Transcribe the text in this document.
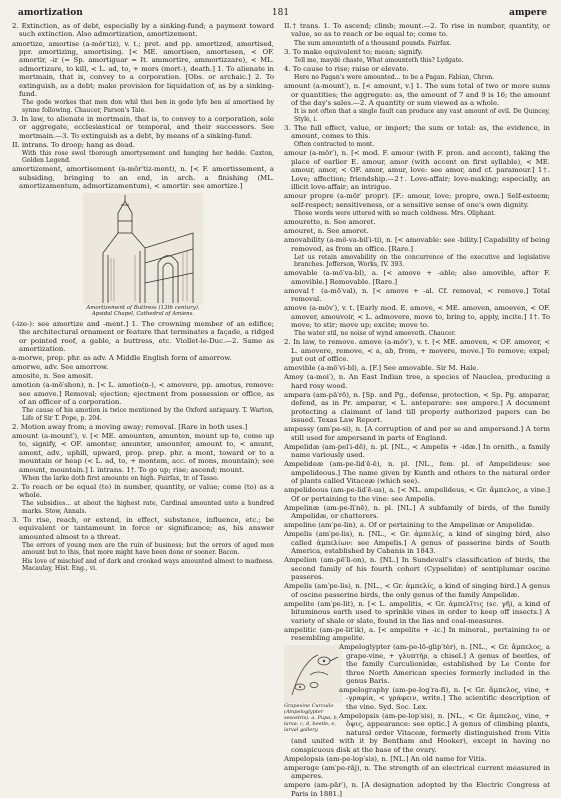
amortization	181	ampere

2. Extinction, as of debt, especially by a sinking-fund; a payment toward such extinction. Also admortization, amortizement.

amortize, amortise (a-môr′tiz), v. t.; pret. and pp. amortized, amortised, ppr. amortizing, amortising. [< ME. amortisen, amortesen, < OF. amortir, -ir (= Sp. amortiguar = It. ammortire, ammortizzare), < ML. admortizare, to kill, < L. ad, to, + mors (mort-), death.] 1. To alienate in mortmain, that is, convey to a corporation. [Obs. or archaic.] 2. To extinguish, as a debt; make provision for liquidation of, as by a sinking-fund.

The gode workes that men don whil thei ben in gode lyfe ben al amortised by synne following. Chaucer, Parson's Tale.

3. In law, to alienate in mortmain, that is, to convey to a corporation, sole or aggregate, ecclesiastical or temporal, and their successors. See mortmain.—3. To extinguish as a debt, by means of a sinking-fund.

II. intrans. To droop; hang as dead.

With this rose swol thorough amortysement and hanging her hedde. Caxton, Golden Legend.

amortizement, amortisement (a-môr′tiz-ment), n. [< F. amortissement, a subsiding, bringing to an end, in arch. a finishing (ML. amortizamentum, admortizamentum), < amortir: see amortize.]

Amortizement of Buttress (13th century), Apsidal Chapel, Cathedral of Amiens.

(-ize-): see amortize and -ment.] 1. The crowning member of an edifice; the architectural ornament or feature that terminates a façade, a ridged or pointed roof, a gable, a buttress, etc. Viollet-le-Duc.—2. Same as amortization.

a-morwe, prep. phr. as adv. A Middle English form of amorrow.

amorwe, adv. See amorrow.

amosite, n. See amosit.

amotion (a-mō′shon), n. [< L. amotio(n-), < amovere, pp. amotus, remove: see amove.] Removal; ejection; ejectment from possession or office, as of an officer of a corporation.

The cause of his amotion is twice mentioned by the Oxford antiquary. T. Warton, Life of Sir T. Pope, p. 204.

2. Motion away from; a moving away; removal. [Rare in both uses.]

amount (a-mount′), v. [< ME. amounten, amunten, mount up to, come up to, signify, < OF. amonter, amunter, amounter, amount to, < amunt, amont, adv., uphill, upward, prop. prep. phr. a mont, toward or to a mountain or heap (< L. ad, to, + montem, acc. of mons, mountain); see amount, mountain.] I. intrans. 1†. To go up; rise; ascend; mount.

When the larke doth first amounte on high. Fairfax, tr. of Tasso.

2. To reach or be equal (to) in number, quantity, or value; come (to) as a whole.

The subsidies... at about the highest rate, Cardinal amounted unto a hundred marks. Stow, Annals.

3. To rise, reach, or extend, in effect, substance, influence, etc.; be equivalent or tantamount in force or significance; as, his answer amounted almost to a threat.

The errors of young men are the ruin of business; but the errors of aged men amount but to this, that more might have been done or sooner. Bacon.

His love of mischief and of dark and crooked ways amounted almost to madness. Macaulay, Hist. Eng., vi.

II.† trans. 1. To ascend; climb; mount.—2. To rise in number, quantity, or value, so as to reach or be equal to; come to.

The sum amounteth of a thousand pounds. Fairfax.

3. To make equivalent to; mean; signify.

Tell me, maydé chaste, What amounteth this? Lydgate.

4. To cause to rise; raise or elevate.

Here no Pagan's were amounted... to be a Pagan. Fabian, Chron.

amount (a-mount′), n. [< amount, v.] 1. The sum total of two or more sums or quantities; the aggregate: as, the amount of 7 and 9 is 16; the amount of the day's sales.—2. A quantity or sum viewed as a whole.

It is not often that a single fault can produce any vast amount of evil. De Quincey, Style, i.

3. The full effect, value, or import; the sum or total: as, the evidence, in amount, comes to this.

Often contracted to mont.

amour (a-mör′), n. [< mod. F. amour (with F. pron. and accent), taking the place of earlier E. amour, amor (with accent on first syllable), < ME. amour, amor, < OF. amor, amur, love: see amor, and cf. paramour.] 1†. Love; affection; friendship.—2†. Love-affair; love-making; especially, an illicit love-affair; an intrigue.

amour propre (a-mör′ propr). [F.: amour, love; propre, own.] Self-esteem; self-respect; sensitiveness, or a sensitive sense of one's own dignity.

Those words were uttered with so much coldness. Mrs. Oliphant.

amourette, n. See amoret.

amouret, n. See amoret.

amovability (a-mö-va-bil′i-ti), n. [< amovable: see -bility.] Capability of being removed, as from an office. [Rare.]

Let us retain amovability on the concurrence of the executive and legislative branches. Jefferson, Works, IV. 393.

amovable (a-mö′va-bl), a. [< amove + -able; also amovible, after F. amovible.] Removable. [Rare.]

amoval† (a-mö′val), n. [< amove + -al. Cf. removal, < remove.] Total removal.

amove (a-möv′), v. t. [Early mod. E. amove, < ME. amoven, amoeven, < OF. amover, amouvoir, < L. admovere, move to, bring to, apply, incite.] 1†. To move; to stir; move up; excite; move to.

The water stil, ne noise of wynd amoeveth. Chaucer.

2. In law, to remove. amove (a-möv′), v. t. [< ME. amoven, < OF. amover, < L. amovere, remove, < a, ab, from, + movere, move.] To remove; expel; put out of office.

amovible (a-mö′vi-bl), a. [F.] See amovable. Sir M. Hale.

Amoy (a-moi′), n. An East Indian tree, a species of Nauclea, producing a hard rosy wood.

ampara (am-pä′rō), n. [Sp. and Pg., defense, protection, < Sp. Pg. amparar, defend, as in Pr. amparar, < L. anteparare: see ampere.] A document protecting a claimant of land till properly authorized papers can be issued. Texas Law Report.

ampassy (am′pa-si), n. [A corruption of and per se and ampersand.] A term still used for ampersand in parts of England.

Ampelidæ (am-pel′i-dē), n. pl. [NL., < Ampelis + -idæ.] In ornith., a family name variously used.

Ampelideæ (am-pe-lid′ē-ē), n. pl. [NL., fem. pl. of Ampelideus: see ampelideous.] The name given by Kunth and others to the natural order of plants called Vitaceæ (which see).

ampelideous (am-pe-lid′ē-us), a. [< NL. ampelideus, < Gr. ἄμπελος, a vine.] Of or pertaining to the vine: see Ampelis.

Ampelinæ (am-pe-lī′nē), n. pl. [NL.] A subfamily of birds, of the family Ampelidæ, or chatterers.

ampeline (am′pe-lin), a. Of or pertaining to the Ampelinæ or Ampelidæ.

Ampelis (am′pe-lis), n. [NL., < Gr. ἀμπελίς, a kind of singing bird, also called ἀμπελίων: see Ampelis.] A genus of passerine birds of South America, established by Cabanis in 1843.

Ampelion (am-pē′li-on), n. [NL.] In Sundevall's classification of birds, the second family of his fourth cohort (Cypselidæ) of sentiplumar oscine passeres.

Ampelis (am′pe-lis), n. [NL., < Gr. ἀμπελίς, a kind of singing bird.] A genus of oscine passerine birds, the only genus of the family Ampelidæ.

ampelite (am′pe-lit), n. [< L. ampelitis, < Gr. ἀμπελῖτις (sc. γῆ), a kind of bituminous earth used to sprinkle vines in order to keep off insects.] A variety of shale or slate, found in the lias and coal-measures.

ampelitic (am-pe-lit′ik), a. [< ampelite + -ic.] In mineral., pertaining to or resembling ampelite.

Grapevine Curculio (Ampeloglypter sesostris). a, Pupa; b, larva; c, d, beetle; e, larval gallery.

Ampeloglypter (am-pe-lō-glip′tėr), n. [NL., < Gr. ἄμπελος, a grape-vine, + γλυπτήρ, a chisel.] A genus of beetles, of the family Curculionidæ, established by Le Conte for three North American species formerly included in the genus Baris.

ampelography (am-pe-log′ra-fi), n. [< Gr. ἄμπελος, vine, + -γραφία, < γράφειν, write.] The scientific description of the vine. Syd. Soc. Lex.

Ampelopsis (am-pe-lop′sis), n. [NL., < Gr. ἄμπελος, vine, + ὄψις, appearance: see optic.] A genus of climbing plants, natural order Vitaceæ, formerly distinguished from Vitis (and united with it by Bentham and Hooker), except in having no conspicuous disk at the base of the ovary.

Ampelopsis (am-pe-lop′sis), n. [NL.] An old name for Vitis.

amperage (am′pe-rāj), n. The strength of an electrical current measured in amperes.

ampere (am-pār′), n. [A designation adopted by the Electric Congress at Paris in 1881.]
